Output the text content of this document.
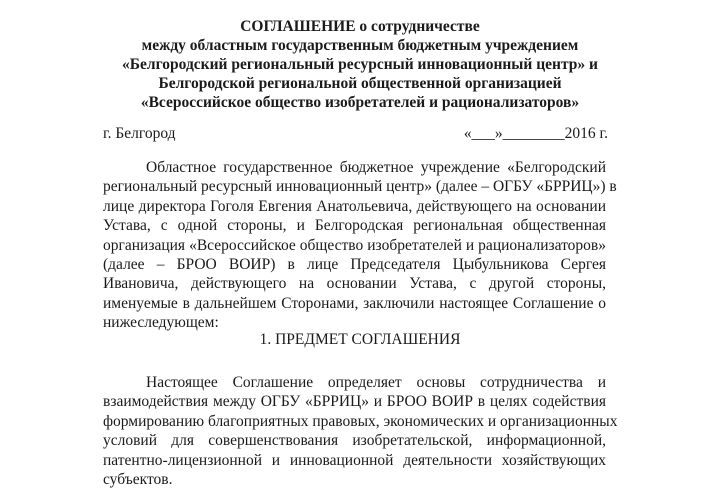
СОГЛАШЕНИЕ о сотрудничестве
между областным государственным бюджетным учреждением
«Белгородский региональный ресурсный инновационный центр» и
Белгородской региональной общественной организацией
«Всероссийское общество изобретателей и рационализаторов»
г. Белгород	«___»________2016 г.
Областное государственное бюджетное учреждение «Белгородский
региональный ресурсный инновационный центр» (далее – ОГБУ «БРРИЦ») в
лице директора Гоголя Евгения Анатольевича, действующего на основании
Устава, с одной стороны, и Белгородская региональная общественная
организация «Всероссийское общество изобретателей и рационализаторов»
(далее – БРОО ВОИР) в лице Председателя Цыбульникова Сергея
Ивановича, действующего на основании Устава, с другой стороны,
именуемые в дальнейшем Сторонами, заключили настоящее Соглашение о
нижеследующем:
1. ПРЕДМЕТ СОГЛАШЕНИЯ
Настоящее Соглашение определяет основы сотрудничества и
взаимодействия между ОГБУ «БРРИЦ» и БРОО ВОИР в целях содействия
формированию благоприятных правовых, экономических и организационных
условий для совершенствования изобретательской, информационной,
патентно-лицензионной и инновационной деятельности хозяйствующих
субъектов.
